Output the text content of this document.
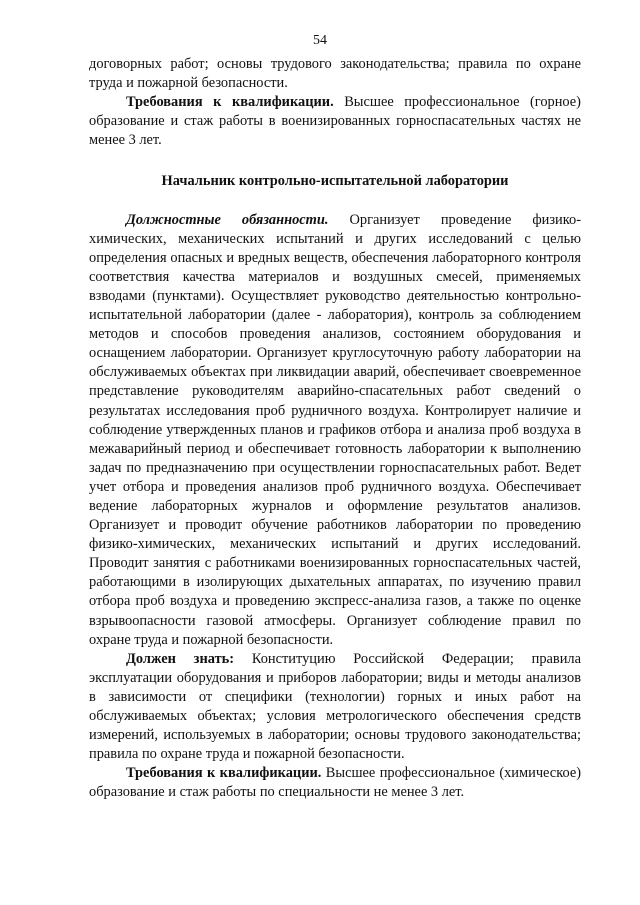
54

договорных работ; основы трудового законодательства; правила по охране труда и пожарной безопасности.

Требования к квалификации. Высшее профессиональное (горное) образование и стаж работы в военизированных горноспасательных частях не менее 3 лет.

Начальник контрольно-испытательной лаборатории

Должностные обязанности. Организует проведение физико-химических, механических испытаний и других исследований с целью определения опасных и вредных веществ, обеспечения лабораторного контроля соответствия качества материалов и воздушных смесей, применяемых взводами (пунктами). Осуществляет руководство деятельностью контрольно-испытательной лаборатории (далее - лаборатория), контроль за соблюдением методов и способов проведения анализов, состоянием оборудования и оснащением лаборатории. Организует круглосуточную работу лаборатории на обслуживаемых объектах при ликвидации аварий, обеспечивает своевременное представление руководителям аварийно-спасательных работ сведений о результатах исследования проб рудничного воздуха. Контролирует наличие и соблюдение утвержденных планов и графиков отбора и анализа проб воздуха в межаварийный период и обеспечивает готовность лаборатории к выполнению задач по предназначению при осуществлении горноспасательных работ. Ведет учет отбора и проведения анализов проб рудничного воздуха. Обеспечивает ведение лабораторных журналов и оформление результатов анализов. Организует и проводит обучение работников лаборатории по проведению физико-химических, механических испытаний и других исследований. Проводит занятия с работниками военизированных горноспасательных частей, работающими в изолирующих дыхательных аппаратах, по изучению правил отбора проб воздуха и проведению экспресс-анализа газов, а также по оценке взрывоопасности газовой атмосферы. Организует соблюдение правил по охране труда и пожарной безопасности.

Должен знать: Конституцию Российской Федерации; правила эксплуатации оборудования и приборов лаборатории; виды и методы анализов в зависимости от специфики (технологии) горных и иных работ на обслуживаемых объектах; условия метрологического обеспечения средств измерений, используемых в лаборатории; основы трудового законодательства; правила по охране труда и пожарной безопасности.

Требования к квалификации. Высшее профессиональное (химическое) образование и стаж работы по специальности не менее 3 лет.
